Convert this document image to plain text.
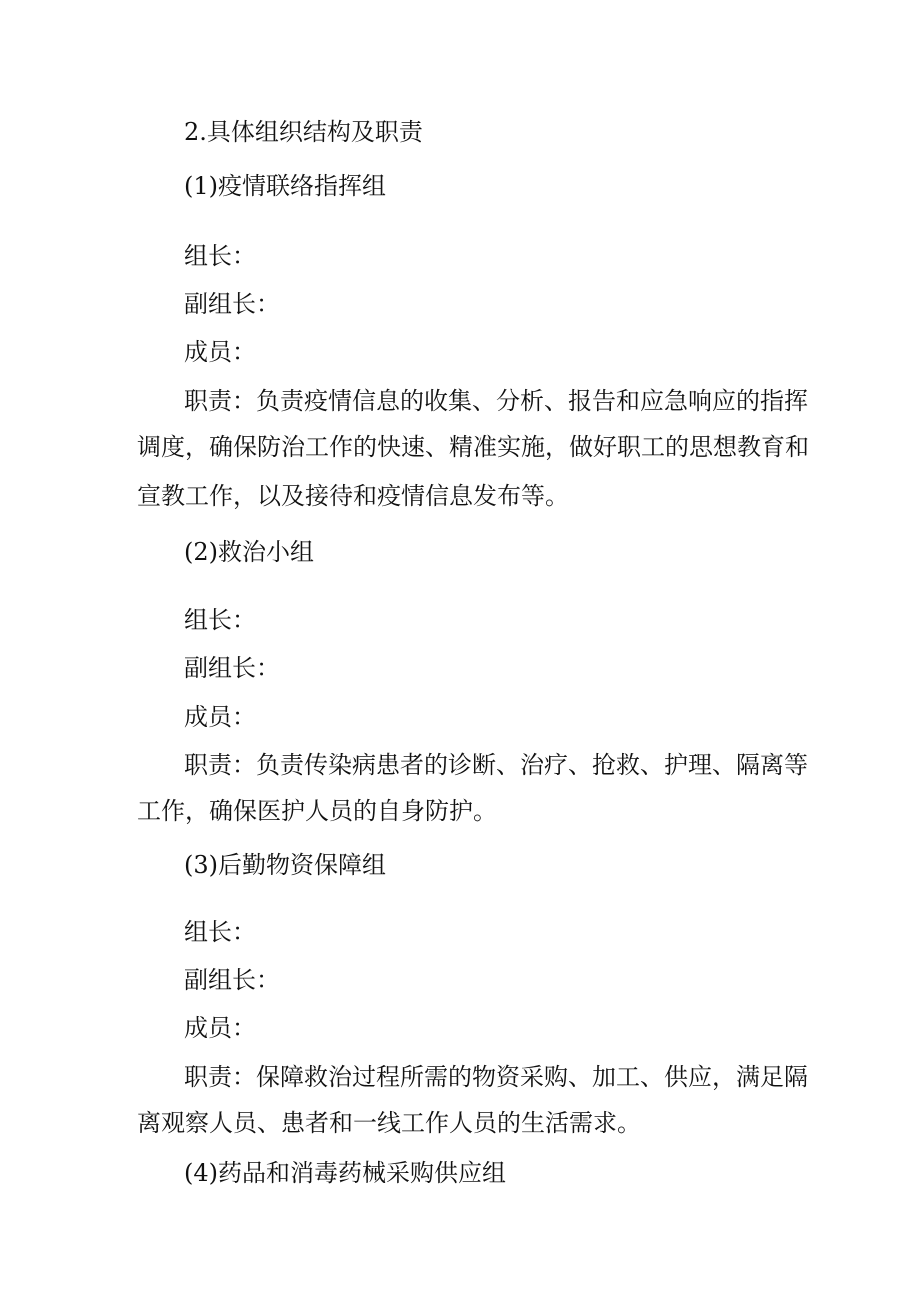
2.具体组织结构及职责
(1)疫情联络指挥组
组长：
副组长：
成员：
职责：负责疫情信息的收集、分析、报告和应急响应的指挥
调度，确保防治工作的快速、精准实施，做好职工的思想教育和
宣教工作，以及接待和疫情信息发布等。
(2)救治小组
组长：
副组长：
成员：
职责：负责传染病患者的诊断、治疗、抢救、护理、隔离等
工作，确保医护人员的自身防护。
(3)后勤物资保障组
组长：
副组长：
成员：
职责：保障救治过程所需的物资采购、加工、供应，满足隔
离观察人员、患者和一线工作人员的生活需求。
(4)药品和消毒药械采购供应组
